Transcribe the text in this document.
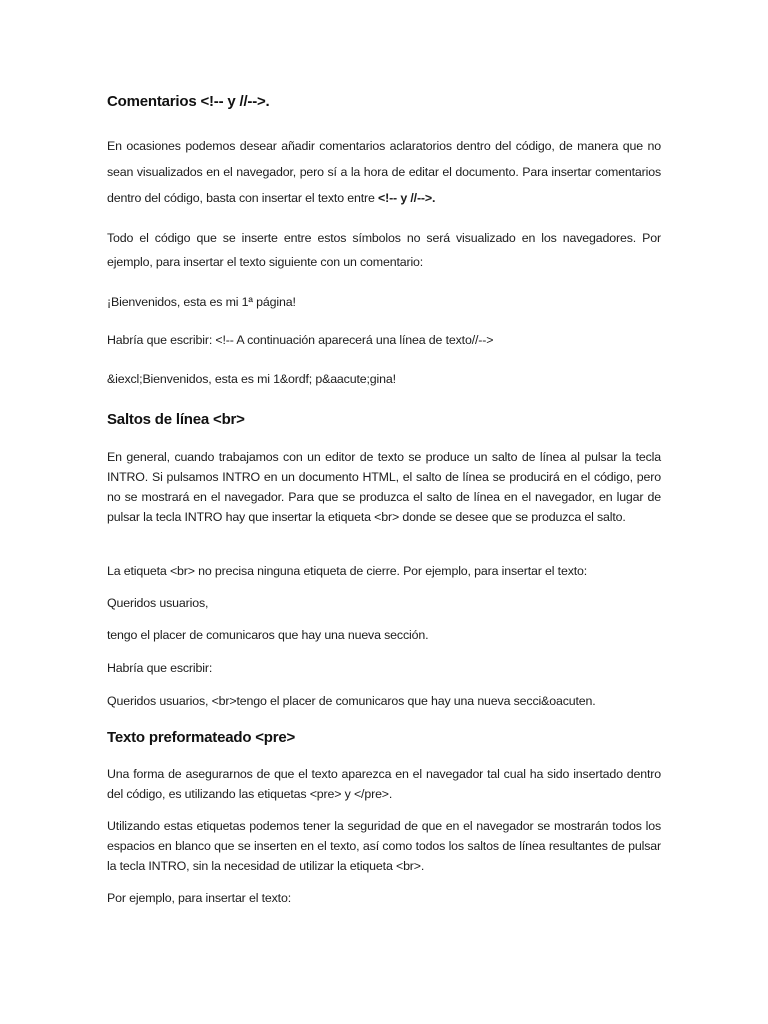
Comentarios <!-- y //-->.

En ocasiones podemos desear añadir comentarios aclaratorios dentro del código, de manera que no sean visualizados en el navegador, pero sí a la hora de editar el documento. Para insertar comentarios dentro del código, basta con insertar el texto entre <!-- y //-->.

Todo el código que se inserte entre estos símbolos no será visualizado en los navegadores. Por ejemplo, para insertar el texto siguiente con un comentario:

¡Bienvenidos, esta es mi 1ª página!

Habría que escribir: <!-- A continuación aparecerá una línea de texto//-->

&iexcl;Bienvenidos, esta es mi 1&ordf; p&aacute;gina!

Saltos de línea <br>

En general, cuando trabajamos con un editor de texto se produce un salto de línea al pulsar la tecla INTRO. Si pulsamos INTRO en un documento HTML, el salto de línea se producirá en el código, pero no se mostrará en el navegador. Para que se produzca el salto de línea en el navegador, en lugar de pulsar la tecla INTRO hay que insertar la etiqueta <br> donde se desee que se produzca el salto.

La etiqueta <br> no precisa ninguna etiqueta de cierre. Por ejemplo, para insertar el texto:

Queridos usuarios,

tengo el placer de comunicaros que hay una nueva sección.

Habría que escribir:

Queridos usuarios, <br>tengo el placer de comunicaros que hay una nueva secci&oacuten.

Texto preformateado <pre>

Una forma de asegurarnos de que el texto aparezca en el navegador tal cual ha sido insertado dentro del código, es utilizando las etiquetas <pre> y </pre>.

Utilizando estas etiquetas podemos tener la seguridad de que en el navegador se mostrarán todos los espacios en blanco que se inserten en el texto, así como todos los saltos de línea resultantes de pulsar la tecla INTRO, sin la necesidad de utilizar la etiqueta <br>.

Por ejemplo, para insertar el texto:
